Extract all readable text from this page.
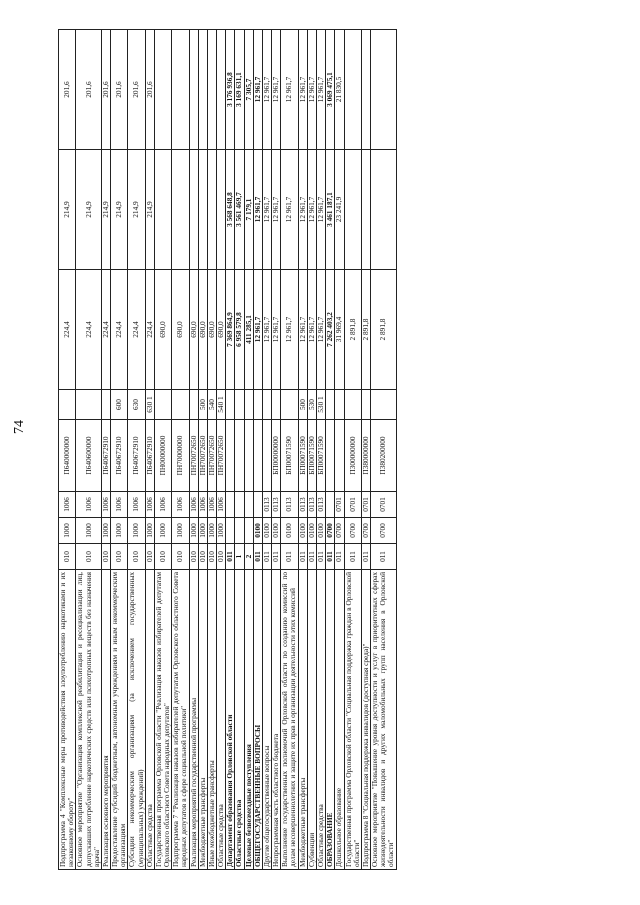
74
Подпрограмма 4 "Комплексные меры противодействия злоупотреблению наркотиками и их незаконному обороту"	010	1000	1006	П640000000		224,4	214,9	201,6
Основное мероприятие "Организация комплексной реабилитации и ресоциализации лиц, допускавших потребление наркотических средств или психотропных веществ без назначения врача"	010	1000	1006	П640600000		224,4	214,9	201,6
Реализация основного мероприятия	010	1000	1006	П640672910		224,4	214,9	201,6
Предоставление субсидий бюджетным, автономным учреждениям и иным некоммерческим организациям	010	1000	1006	П640672910	600	224,4	214,9	201,6
Субсидии некоммерческим организациям (за исключением государственных (муниципальных) учреждений)	010	1000	1006	П640672910	630	224,4	214,9	201,6
Областные средства	010	1000	1006	П640672910	630 1	224,4	214,9	201,6
Государственная программа Орловской области "Реализация наказов избирателей депутатам Орловского областного Совета народных депутатов"	010	1000	1006	ПН00000000		690,0		
Подпрограмма 7 "Реализация наказов избирателей депутатам Орловского областного Совета народных депутатов в сфере социальной политики"	010	1000	1006	ПН70000000		690,0		
Реализация мероприятий государственной программы	010	1000	1006	ПН70072650		690,0		
Межбюджетные трансферты	010	1000	1006	ПН70072650	500	690,0		
Иные межбюджетные трансферты	010	1000	1006	ПН70072650	540	690,0		
Областные средства	010	1000	1006	ПН70072650	540 1	690,0		
Департамент образования Орловской области	011					7 369 864,9	3 568 648,8	3 176 936,8
Областные средства	1					6 958 579,8	3 561 469,7	3 169 631,1
Целевые безвозмездные поступления	2					411 285,1	7 179,1	7 305,7
ОБЩЕГОСУДАРСТВЕННЫЕ ВОПРОСЫ	011	0100				12 961,7	12 961,7	12 961,7
Другие общегосударственные вопросы	011	0100	0113			12 961,7	12 961,7	12 961,7
Непрограммная часть областного бюджета	011	0100	0113	БП00000000		12 961,7	12 961,7	12 961,7
Выполнение государственных полномочий Орловской области по созданию комиссий по делам несовершеннолетних и защите их прав и организации деятельности этих комиссий	011	0100	0113	БП00071590		12 961,7	12 961,7	12 961,7
Межбюджетные трансферты	011	0100	0113	БП00071590	500	12 961,7	12 961,7	12 961,7
Субвенции	011	0100	0113	БП00071590	530	12 961,7	12 961,7	12 961,7
Областные средства	011	0100	0113	БП00071590	530 1	12 961,7	12 961,7	12 961,7
ОБРАЗОВАНИЕ	011	0700				7 262 403,2	3 461 187,1	3 069 475,1
Дошкольное образование	011	0700	0701			31 969,4	23 241,9	21 830,5
Государственная программа Орловской области "Социальная поддержка граждан в Орловской области"	011	0700	0701	П300000000		2 891,8		
Подпрограмма 8 "Социальная поддержка инвалидов (доступная среда)"	011	0700	0701	П380000000		2 891,8		
Основное мероприятие "Повышение уровня доступности и услуг в приоритетных сферах жизнедеятельности инвалидов и других маломобильных групп населения в Орловской области"	011	0700	0701	П380200000		2 891,8		
